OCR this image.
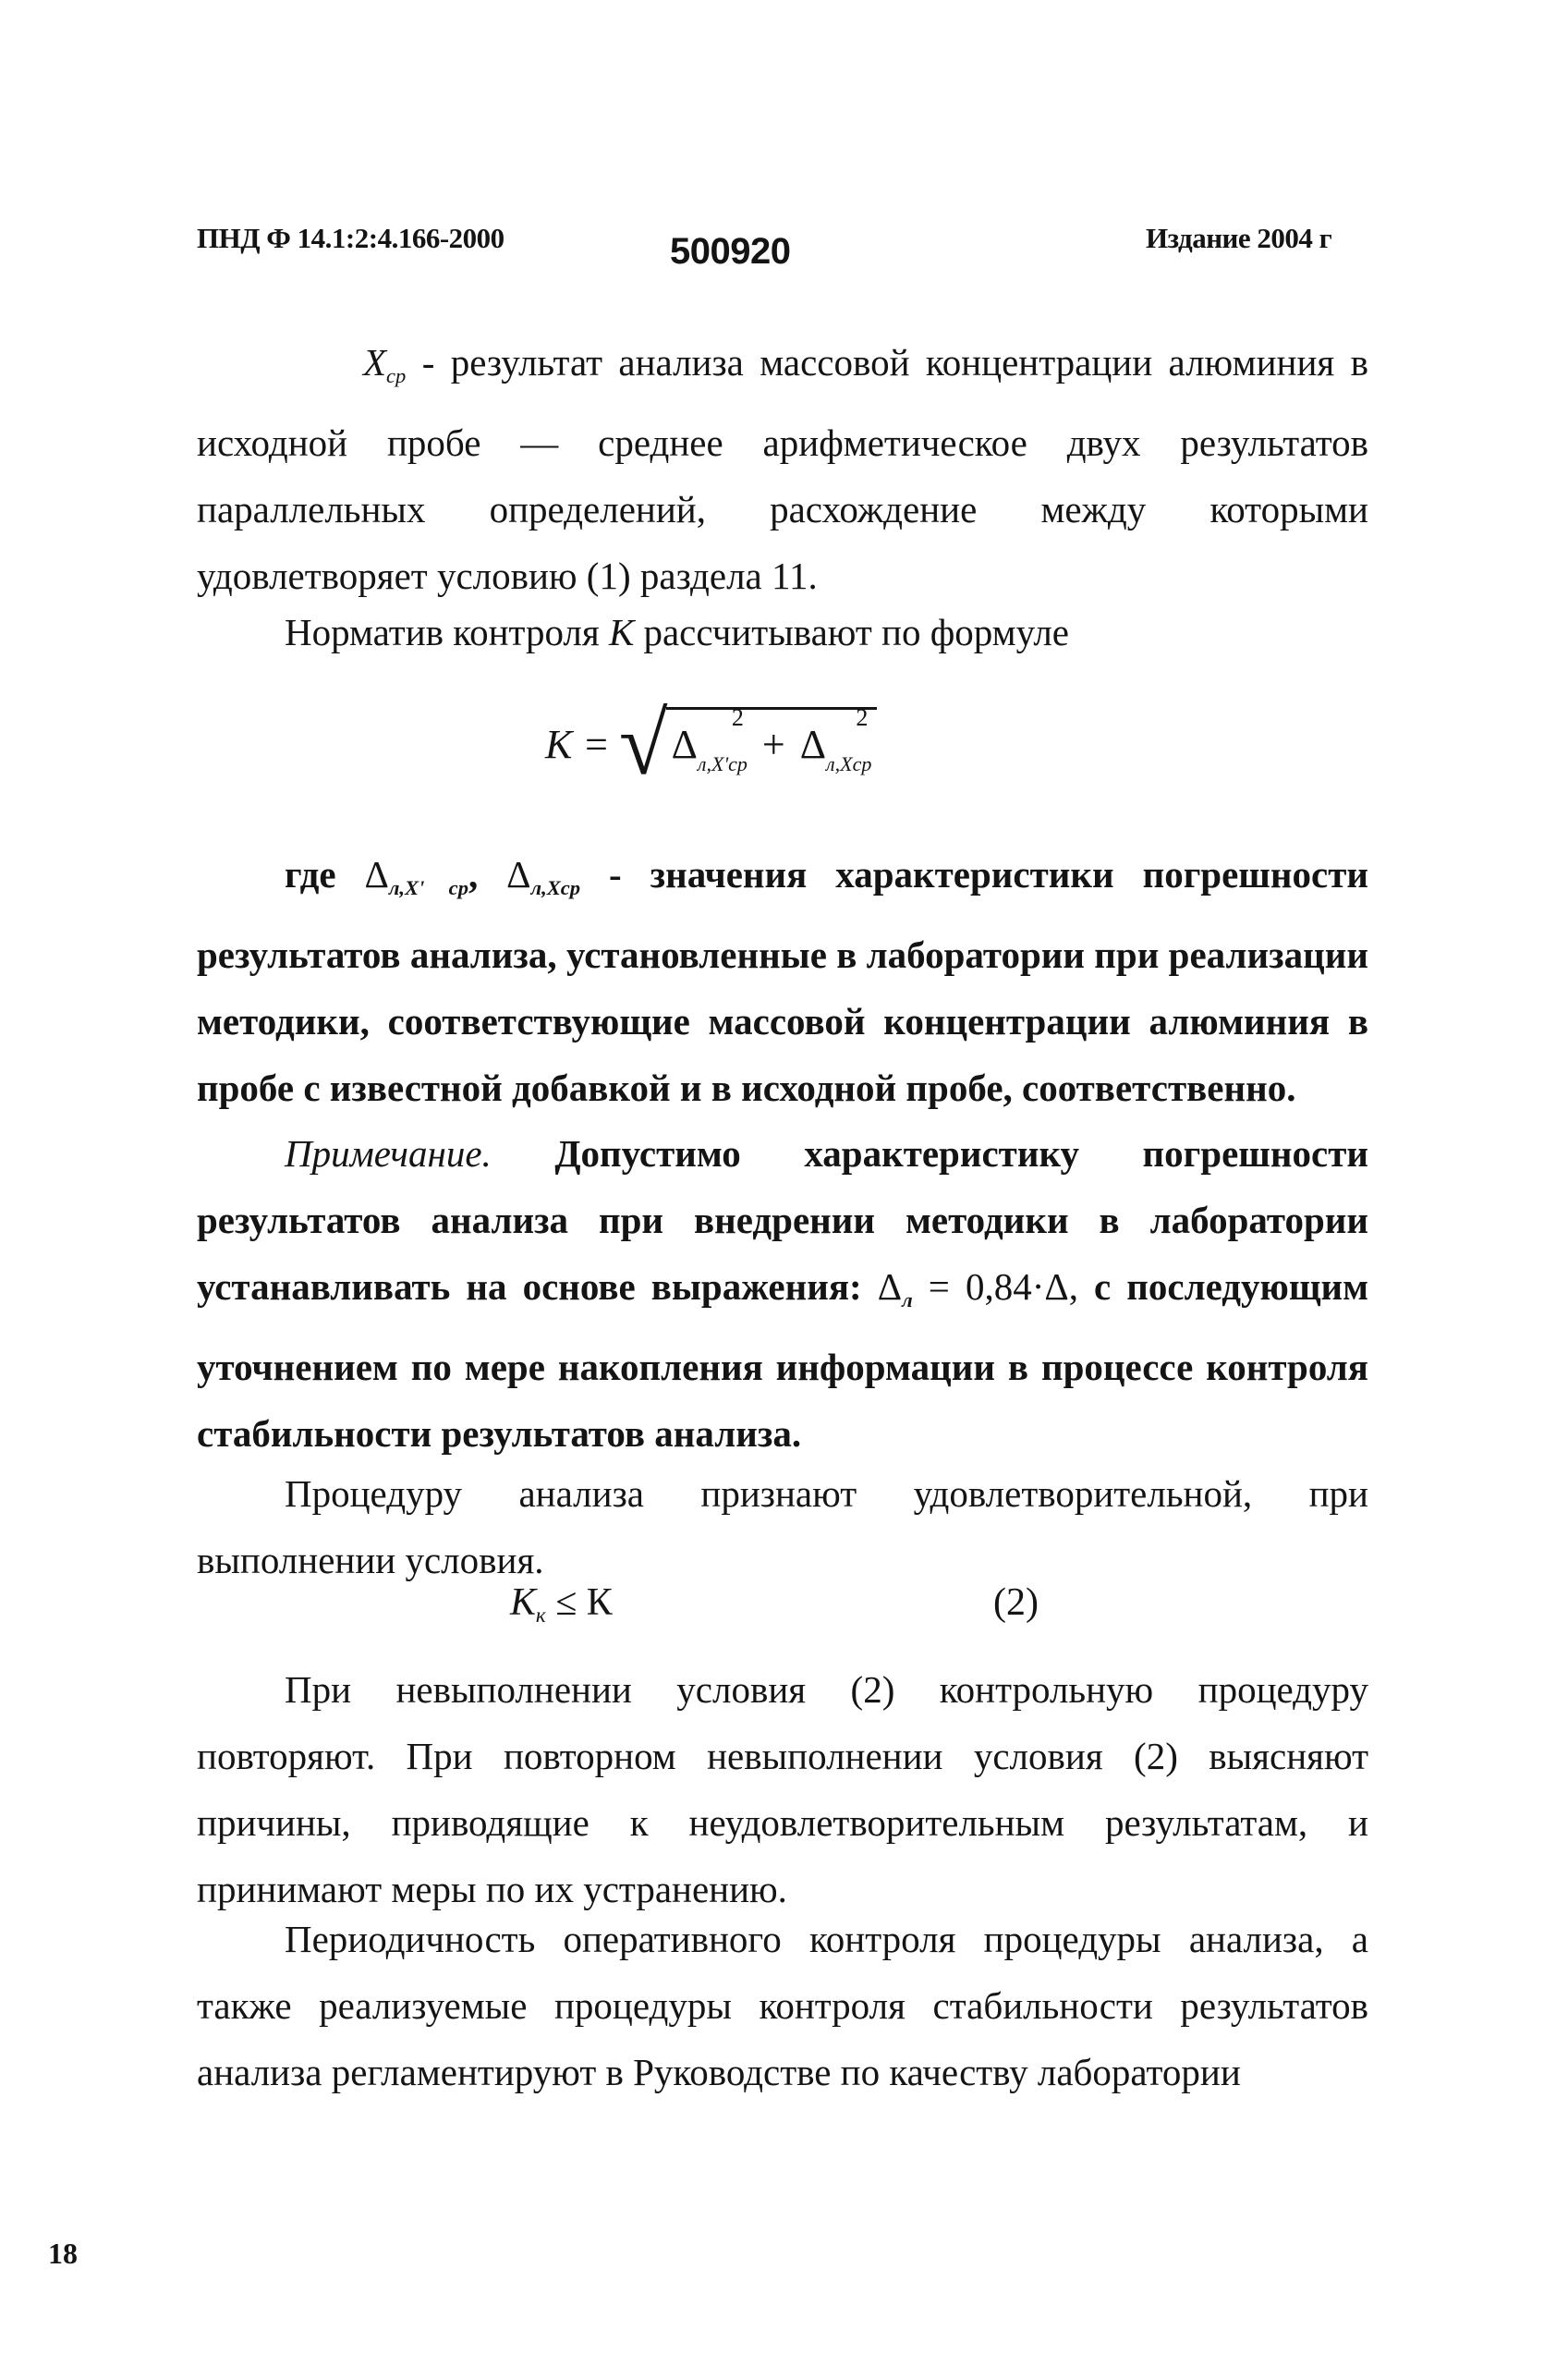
ПНД Ф 14.1:2:4.166-2000	500920	Издание 2004 г

$X_{ср}$ - результат анализа массовой концентрации алюминия в исходной пробе — среднее арифметическое двух результатов параллельных определений, расхождение между которыми удовлетворяет условию (1) раздела 11.

Норматив контроля К рассчитывают по формуле

К = √ $\Delta_{л,X'ср}$
2
+ $\Delta_{л,Xср}$
2

где $\Delta_{л,X' ср}$, $\Delta_{л,Xср}$ - значения характеристики погрешности результатов анализа, установленные в лаборатории при реализации методики, соответствующие массовой концентрации алюминия в пробе с известной добавкой и в исходной пробе, соответственно.

Примечание. Допустимо характеристику погрешности результатов анализа при внедрении методики в лаборатории устанавливать на основе выражения: $\Delta_л = 0,84\cdot\Delta$, с последующим уточнением по мере накопления информации в процессе контроля стабильности результатов анализа.

Процедуру анализа признают удовлетворительной, при выполнении условия.

$К_к \le К$	(2)

При невыполнении условия (2) контрольную процедуру повторяют. При повторном невыполнении условия (2) выясняют причины, приводящие к неудовлетворительным результатам, и принимают меры по их устранению.

Периодичность оперативного контроля процедуры анализа, а также реализуемые процедуры контроля стабильности результатов анализа регламентируют в Руководстве по качеству лаборатории

18
